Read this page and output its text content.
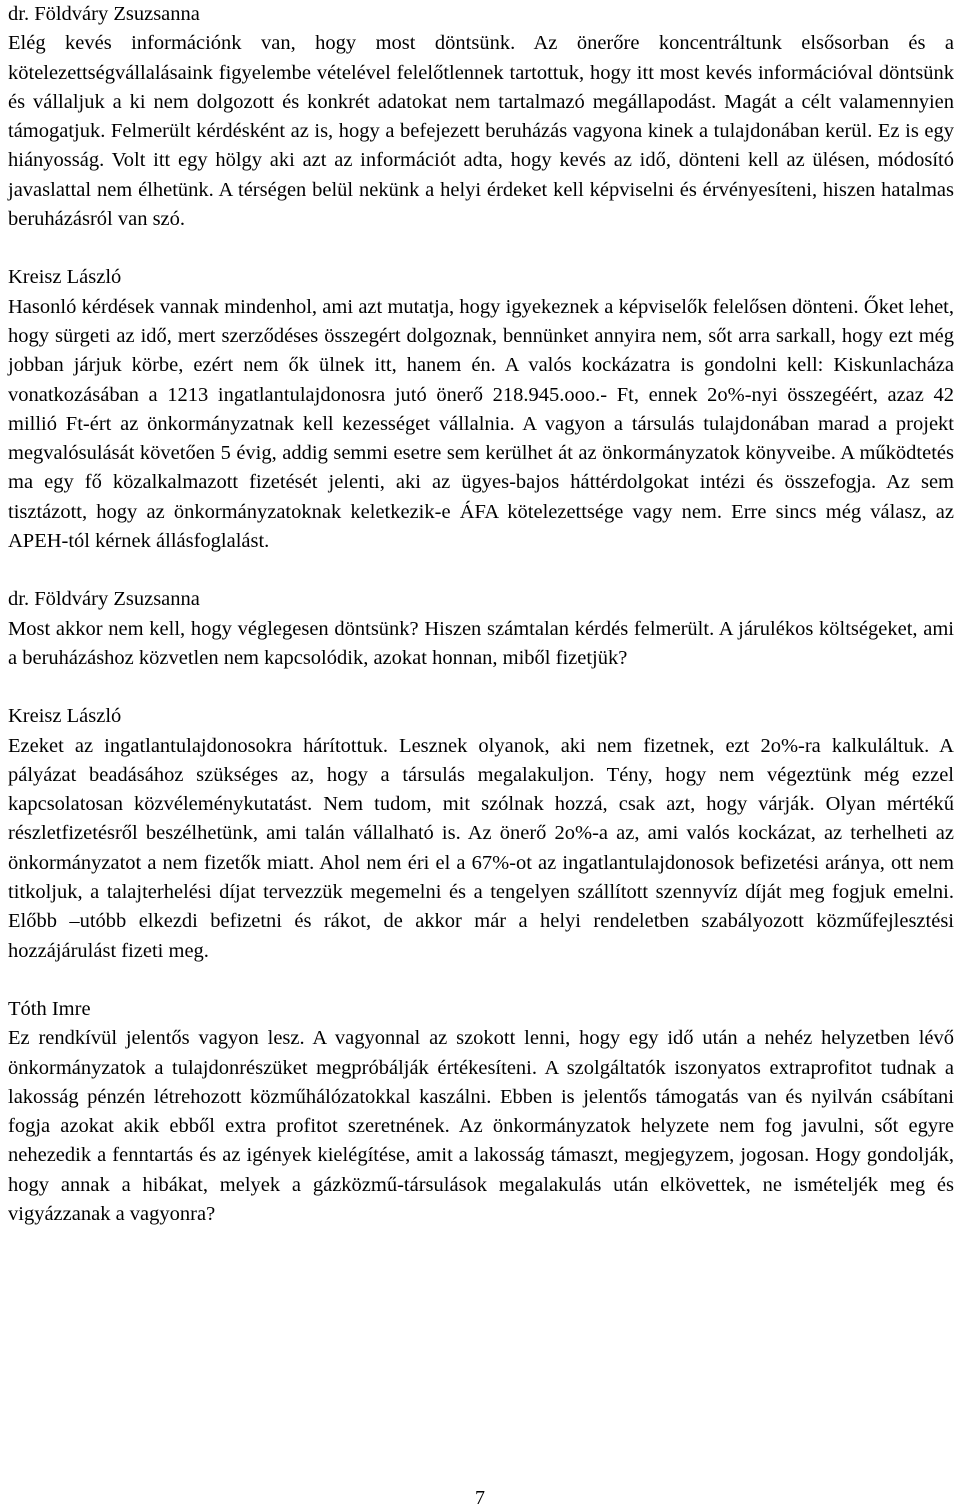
dr. Földváry Zsuzsanna

Elég kevés információnk van, hogy most döntsünk. Az önerőre koncentráltunk elsősorban és a kötelezettségvállalásaink figyelembe vételével felelőtlennek tartottuk, hogy itt most kevés információval döntsünk és vállaljuk a ki nem dolgozott és konkrét adatokat nem tartalmazó megállapodást. Magát a célt valamennyien támogatjuk. Felmerült kérdésként az is, hogy a befejezett beruházás vagyona kinek a tulajdonában kerül. Ez is egy hiányosság. Volt itt egy hölgy aki azt az információt adta, hogy kevés az idő, dönteni kell az ülésen, módosító javaslattal nem élhetünk. A térségen belül nekünk a helyi érdeket kell képviselni és érvényesíteni, hiszen hatalmas beruházásról van szó.

Kreisz László

Hasonló kérdések vannak mindenhol, ami azt mutatja, hogy igyekeznek a képviselők felelősen dönteni. Őket lehet, hogy sürgeti az idő, mert szerződéses összegért dolgoznak, bennünket annyira nem, sőt arra sarkall, hogy ezt még jobban járjuk körbe, ezért nem ők ülnek itt, hanem én. A valós kockázatra is gondolni kell: Kiskunlacháza vonatkozásában a 1213 ingatlantulajdonosra jutó önerő 218.945.ooo.- Ft, ennek 2o%-nyi összegéért, azaz 42 millió Ft-ért az önkormányzatnak kell kezességet vállalnia. A vagyon a társulás tulajdonában marad a projekt megvalósulását követően 5 évig, addig semmi esetre sem kerülhet át az önkormányzatok könyveibe. A működtetés ma egy fő közalkalmazott fizetését jelenti, aki az ügyes-bajos háttérdolgokat intézi és összefogja. Az sem tisztázott, hogy az önkormányzatoknak keletkezik-e ÁFA kötelezettsége vagy nem. Erre sincs még válasz, az APEH-tól kérnek állásfoglalást.

dr. Földváry Zsuzsanna

Most akkor nem kell, hogy véglegesen döntsünk? Hiszen számtalan kérdés felmerült. A járulékos költségeket, ami a beruházáshoz közvetlen nem kapcsolódik, azokat honnan, miből fizetjük?

Kreisz László

Ezeket az ingatlantulajdonosokra hárítottuk. Lesznek olyanok, aki nem fizetnek, ezt 2o%-ra kalkuláltuk. A pályázat beadásához szükséges az, hogy a társulás megalakuljon. Tény, hogy nem végeztünk még ezzel kapcsolatosan közvéleménykutatást. Nem tudom, mit szólnak hozzá, csak azt, hogy várják. Olyan mértékű részletfizetésről beszélhetünk, ami talán vállalható is. Az önerő 2o%-a az, ami valós kockázat, az terhelheti az önkormányzatot a nem fizetők miatt. Ahol nem éri el a 67%-ot az ingatlantulajdonosok befizetési aránya, ott nem titkoljuk, a talajterhelési díjat tervezzük megemelni és a tengelyen szállított szennyvíz díját meg fogjuk emelni. Előbb –utóbb elkezdi befizetni és rákot, de akkor már a helyi rendeletben szabályozott közműfejlesztési hozzájárulást fizeti meg.

Tóth Imre

Ez rendkívül jelentős vagyon lesz. A vagyonnal az szokott lenni, hogy egy idő után a nehéz helyzetben lévő önkormányzatok a tulajdonrészüket megpróbálják értékesíteni. A szolgáltatók iszonyatos extraprofitot tudnak a lakosság pénzén létrehozott közműhálózatokkal kaszálni. Ebben is jelentős támogatás van és nyilván csábítani fogja azokat akik ebből extra profitot szeretnének. Az önkormányzatok helyzete nem fog javulni, sőt egyre nehezedik a fenntartás és az igények kielégítése, amit a lakosság támaszt, megjegyzem, jogosan. Hogy gondolják, hogy annak a hibákat, melyek a gázközmű-társulások megalakulás után elkövettek, ne ismételjék meg és vigyázzanak a vagyonra?

7
